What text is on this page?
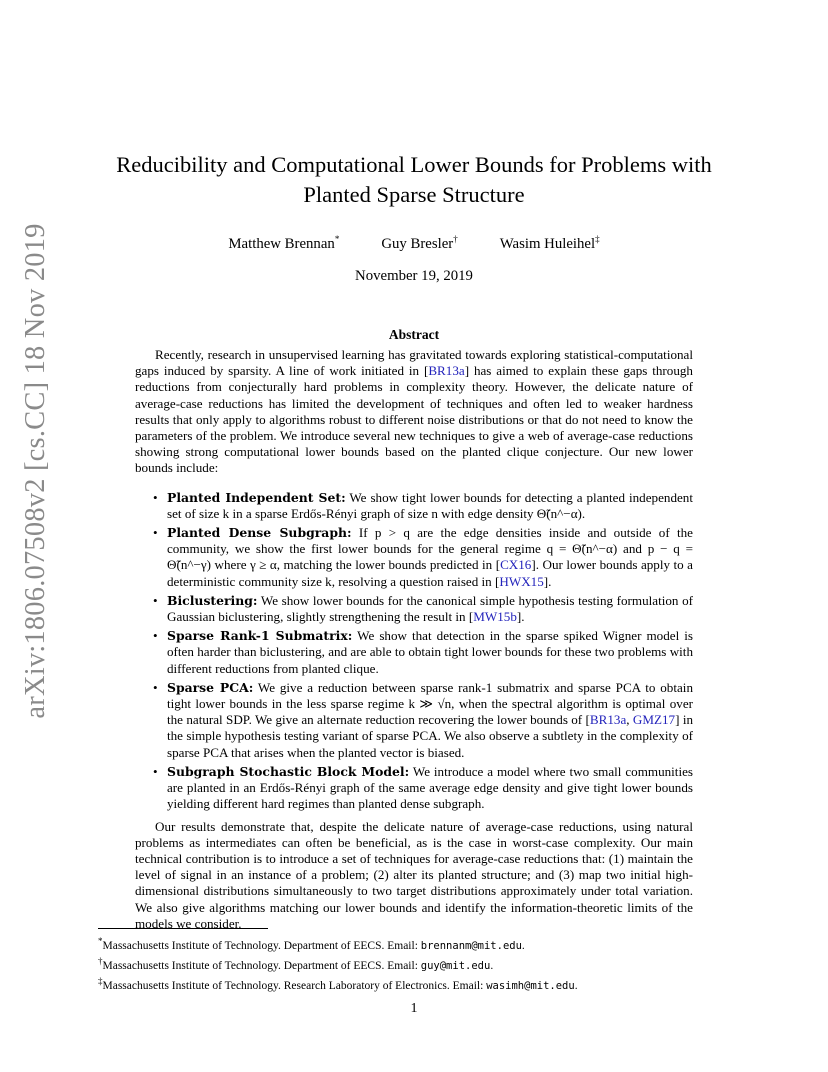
arXiv:1806.07508v2 [cs.CC] 18 Nov 2019
Reducibility and Computational Lower Bounds for Problems with Planted Sparse Structure
Matthew Brennan*	Guy Bresler†	Wasim Huleihel‡
November 19, 2019
Abstract

Recently, research in unsupervised learning has gravitated towards exploring statistical-computational gaps induced by sparsity. A line of work initiated in [BR13a] has aimed to explain these gaps through reductions from conjecturally hard problems in complexity theory. However, the delicate nature of average-case reductions has limited the development of techniques and often led to weaker hardness results that only apply to algorithms robust to different noise distributions or that do not need to know the parameters of the problem. We introduce several new techniques to give a web of average-case reductions showing strong computational lower bounds based on the planted clique conjecture. Our new lower bounds include:

• Planted Independent Set: We show tight lower bounds for detecting a planted independent set of size k in a sparse Erdős-Rényi graph of size n with edge density Θ̃(n^−α).
• Planted Dense Subgraph: If p > q are the edge densities inside and outside of the community, we show the first lower bounds for the general regime q = Θ̃(n^−α) and p − q = Θ̃(n^−γ) where γ ≥ α, matching the lower bounds predicted in [CX16]. Our lower bounds apply to a deterministic community size k, resolving a question raised in [HWX15].
• Biclustering: We show lower bounds for the canonical simple hypothesis testing formulation of Gaussian biclustering, slightly strengthening the result in [MW15b].
• Sparse Rank-1 Submatrix: We show that detection in the sparse spiked Wigner model is often harder than biclustering, and are able to obtain tight lower bounds for these two problems with different reductions from planted clique.
• Sparse PCA: We give a reduction between sparse rank-1 submatrix and sparse PCA to obtain tight lower bounds in the less sparse regime k ≫ √n, when the spectral algorithm is optimal over the natural SDP. We give an alternate reduction recovering the lower bounds of [BR13a, GMZ17] in the simple hypothesis testing variant of sparse PCA. We also observe a subtlety in the complexity of sparse PCA that arises when the planted vector is biased.
• Subgraph Stochastic Block Model: We introduce a model where two small communities are planted in an Erdős-Rényi graph of the same average edge density and give tight lower bounds yielding different hard regimes than planted dense subgraph.

Our results demonstrate that, despite the delicate nature of average-case reductions, using natural problems as intermediates can often be beneficial, as is the case in worst-case complexity. Our main technical contribution is to introduce a set of techniques for average-case reductions that: (1) maintain the level of signal in an instance of a problem; (2) alter its planted structure; and (3) map two initial high-dimensional distributions simultaneously to two target distributions approximately under total variation. We also give algorithms matching our lower bounds and identify the information-theoretic limits of the models we consider.

*Massachusetts Institute of Technology. Department of EECS. Email: brennanm@mit.edu.
†Massachusetts Institute of Technology. Department of EECS. Email: guy@mit.edu.
‡Massachusetts Institute of Technology. Research Laboratory of Electronics. Email: wasimh@mit.edu.
1
